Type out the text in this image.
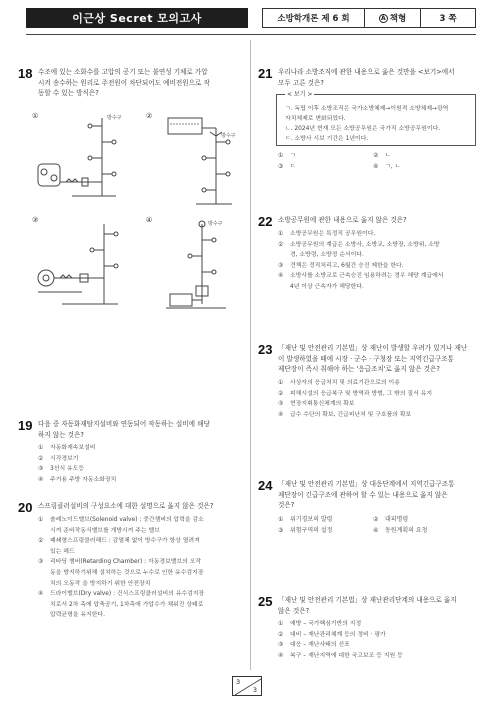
이근상 Secret 모의고사	소방학개론 제 6 회	A 책형	3 쪽
18 수조에 있는 소화수를 고압의 공기 또는 불연성 기체로 가압
시켜 송수하는 원리로 주전원이 차단되어도 예비전원으로 작
동할 수 있는 방식은?
①	방수구	②
방수구
③	④	방수구
19 다음 중 자동화재탐지설비와 연동되어 작동하는 설비에 해당
하지 않는 것은?
①	자동화재속보설비
②	시각경보기
③	3선식 유도등
④	주거용 주방 자동소화장치
20 스프링클러설비의 구성요소에 대한 설명으로 옳지 않은 것은?
①	솔레노이드밸브(Solenoid valve) : 중간챔버의 압력을 감소
시켜 준비작동식밸브를 개방시켜 주는 밸브
②	패쇄형스프링클러헤드 : 감열체 없이 방수구가 항상 열려져
있는 헤드
③	리타딩 챔버(Retarding Chamber) : 자동경보밸브의 오작
동을 방지하기위해 설치하는 것으로 누수로 인한 유수검지장
치의 오동작 을 방지하기 위한 안전장치
④	드라이밸브(Dry valve) : 건식스프링클러설비의 유수검지장
치로서 2차 측에 압축공기, 1차측에 가압수가 채워진 상태로
압력균형을 유지한다.
21 우리나라 소방조직에 관한 내용으로 옳은 것만을 <보기>에서
모두 고른 것은?
< 보기 >
ㄱ. 독립 이후 소방조직은 국가소방체제→이원적 소방체제→광역
자치체제로 변화되었다.
ㄴ. 2024년 현재 모든 소방공무원은 국가직 소방공무원이다.
ㄷ. 소방사 시보 기간은 1년이다.
①	ㄱ	②	ㄴ
③	ㄷ	④	ㄱ, ㄴ
22 소방공무원에 관한 내용으로 옳지 않은 것은?
①	소방공무원은 특정직 공무원이다.
②	소방공무원의 계급은 소방사, 소방교, 소방장, 소방위, 소방
경, 소방령, 소방정 순서이다.
③	견책은 정직처리고, 6월간 승진 제한을 한다.
④	소방사를 소방교로 근속승진 임용하려는 경우 해당 계급에서
4년 이상 근속자가 해당한다.
23 「재난 및 안전관리 기본법」상 재난이 발생할 우려가 있거나 재난
이 발생하였을 때에 시장 · 군수 · 구청장 또는 지역긴급구조통
제단장이 즉시 취해야 하는 '응급조치'로 옳지 않은 것은?
①	사상자의 응급처치 및 의료기관으로의 이송
②	피해시설의 응급복구 및 방역과 방범, 그 밖의 질서 유지
③	현장지휘통신체계의 확보
④	급수 수단의 확보, 긴급피난처 및 구호품의 확보
24 「재난 및 안전관리 기본법」상 대응단계에서 지역긴급구조통
제단장이 긴급구조에 관하여 할 수 있는 내용으로 옳지 않은
것은?
①	위기경보의 발령	②	대피명령
③	위험구역의 설정	④	동원계획의 요청
25 「재난 및 안전관리 기본법」상 재난관리단계의 내용으로 옳지
않은 것은?
①	예방 – 국가핵심기반의 지정
②	대비 – 재난관리체계 등의 정비 · 평가
③	대응 – 재난사태의 선포
④	복구 – 재난지역에 대한 국고보조 등 지원 등
3
3
